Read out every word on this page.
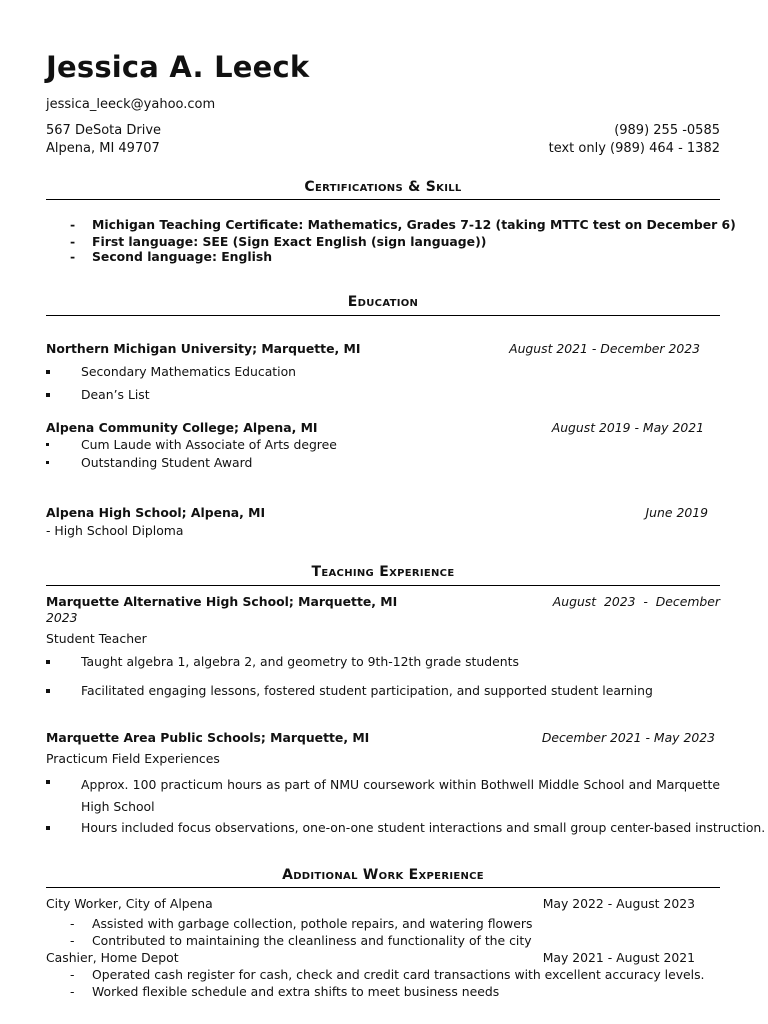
Jessica A. Leeck
jessica_leeck@yahoo.com
567 DeSota Drive
Alpena, MI 49707
(989) 255 -0585
text only (989) 464 - 1382
Certifications & Skill
- Michigan Teaching Certificate: Mathematics, Grades 7-12 (taking MTTC test on December 6)
- First language: SEE (Sign Exact English (sign language))
- Second language: English
Education
Northern Michigan University; Marquette, MI	August 2021 - December 2023
Secondary Mathematics Education
Dean’s List
Alpena Community College; Alpena, MI	August 2019 - May 2021
Cum Laude with Associate of Arts degree
Outstanding Student Award
Alpena High School; Alpena, MI	June 2019
- High School Diploma
Teaching Experience
Marquette Alternative High School; Marquette, MI	August  2023  -  December
2023
Student Teacher
Taught algebra 1, algebra 2, and geometry to 9th-12th grade students
Facilitated engaging lessons, fostered student participation, and supported student learning
Marquette Area Public Schools; Marquette, MI	December 2021 - May 2023
Practicum Field Experiences
Approx. 100 practicum hours as part of NMU coursework within Bothwell Middle School and Marquette High School
Hours included focus observations, one-on-one student interactions and small group center-based instruction.
Additional Work Experience
City Worker, City of Alpena	May 2022 - August 2023
- Assisted with garbage collection, pothole repairs, and watering flowers
- Contributed to maintaining the cleanliness and functionality of the city
Cashier, Home Depot	May 2021 - August 2021
- Operated cash register for cash, check and credit card transactions with excellent accuracy levels.
- Worked flexible schedule and extra shifts to meet business needs
